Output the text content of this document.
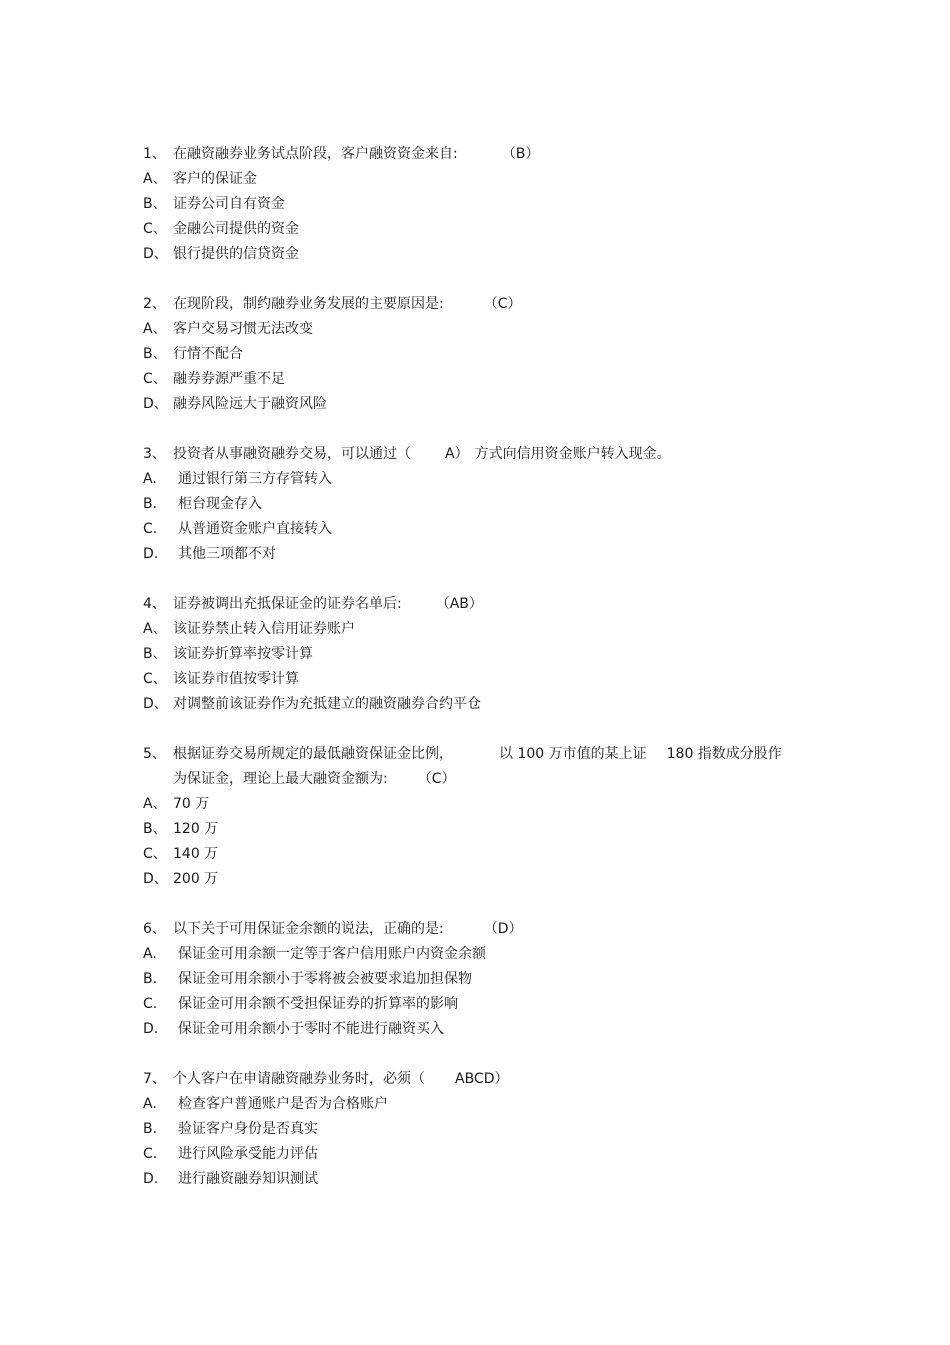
1、 在融资融券业务试点阶段，客户融资资金来自:	（B）
A、 客户的保证金
B、 证券公司自有资金
C、 金融公司提供的资金
D、 银行提供的信贷资金
2、 在现阶段，制约融券业务发展的主要原因是:	（C）
A、 客户交易习惯无法改变
B、 行情不配合
C、 融券券源严重不足
D、 融券风险远大于融资风险
3、 投资者从事融资融券交易，可以通过（ A） 方式向信用资金账户转入现金。
A.	通过银行第三方存管转入
B.	柜台现金存入
C.	从普通资金账户直接转入
D.	其他三项都不对
4、 证券被调出充抵保证金的证券名单后: （AB）
A、 该证券禁止转入信用证券账户
B、 该证券折算率按零计算
C、 该证券市值按零计算
D、 对调整前该证券作为充抵建立的融资融券合约平仓
5、 根据证券交易所规定的最低融资保证金比例，	以 100 万市值的某上证 180 指数成分股作
为保证金，理论上最大融资金额为: （C）
A、 70 万
B、 120 万
C、 140 万
D、 200 万
6、 以下关于可用保证金余额的说法，正确的是:	（D）
A.	保证金可用余额一定等于客户信用账户内资金余额
B.	保证金可用余额小于零将被会被要求追加担保物
C.	保证金可用余额不受担保证券的折算率的影响
D.	保证金可用余额小于零时不能进行融资买入
7、 个人客户在申请融资融券业务时，必须（ ABCD）
A.	检查客户普通账户是否为合格账户
B.	验证客户身份是否真实
C.	进行风险承受能力评估
D.	进行融资融券知识测试
